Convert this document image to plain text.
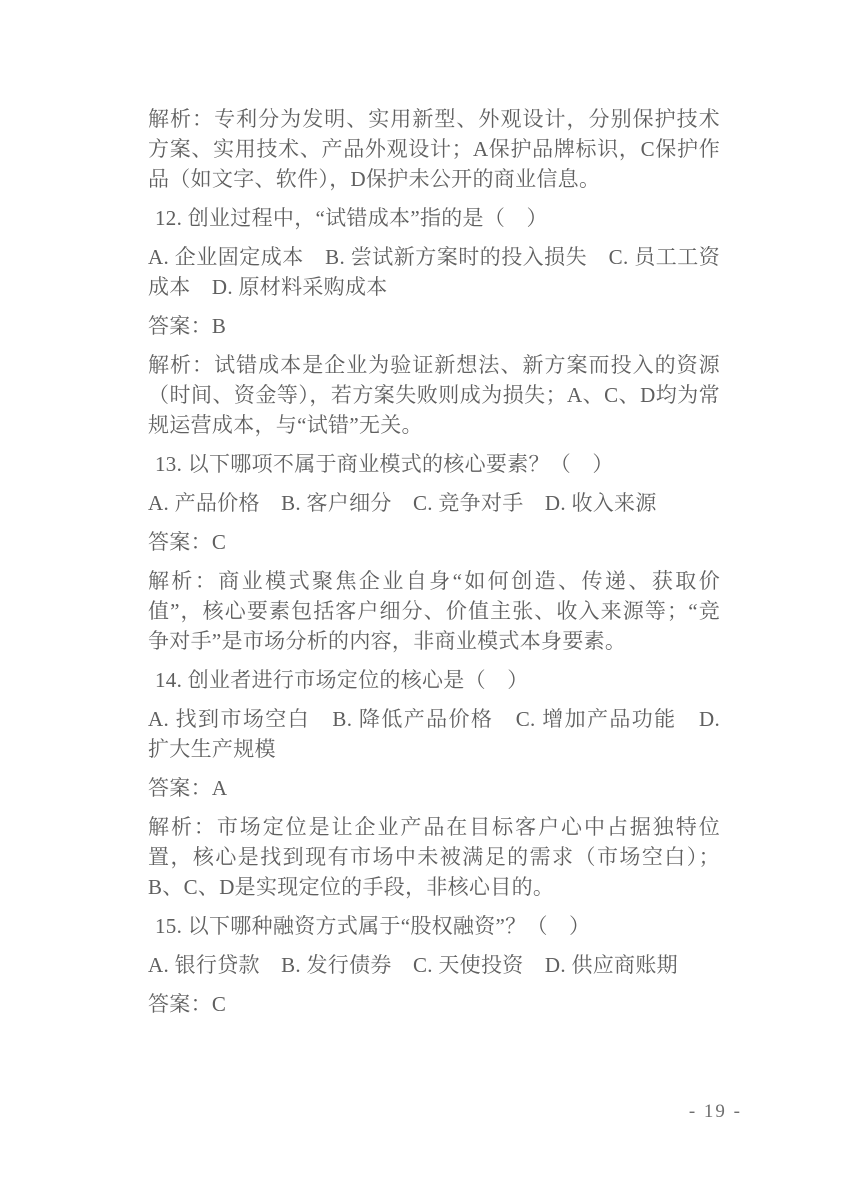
解析：专利分为发明、实用新型、外观设计，分别保护技术方案、实用技术、产品外观设计；A保护品牌标识，C保护作品（如文字、软件），D保护未公开的商业信息。

12. 创业过程中，“试错成本”指的是（　）

A. 企业固定成本　B. 尝试新方案时的投入损失　C. 员工工资成本　D. 原材料采购成本

答案：B

解析：试错成本是企业为验证新想法、新方案而投入的资源（时间、资金等），若方案失败则成为损失；A、C、D均为常规运营成本，与“试错”无关。

13. 以下哪项不属于商业模式的核心要素？（　）

A. 产品价格　B. 客户细分　C. 竞争对手　D. 收入来源

答案：C

解析：商业模式聚焦企业自身“如何创造、传递、获取价值”，核心要素包括客户细分、价值主张、收入来源等；“竞争对手”是市场分析的内容，非商业模式本身要素。

14. 创业者进行市场定位的核心是（　）

A. 找到市场空白　B. 降低产品价格　C. 增加产品功能　D. 扩大生产规模

答案：A

解析：市场定位是让企业产品在目标客户心中占据独特位置，核心是找到现有市场中未被满足的需求（市场空白）；B、C、D是实现定位的手段，非核心目的。

15. 以下哪种融资方式属于“股权融资”？（　）

A. 银行贷款　B. 发行债券　C. 天使投资　D. 供应商账期

答案：C

- 19 -
